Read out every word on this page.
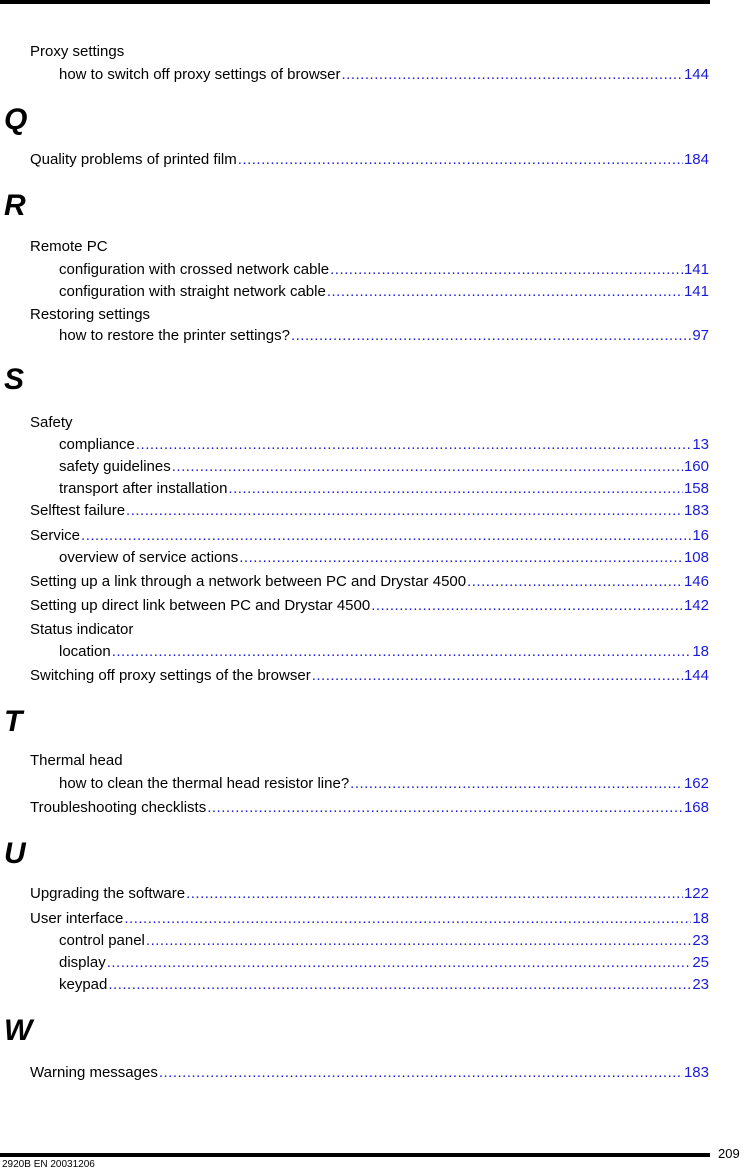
Proxy settings
how to switch off proxy settings of browser .....	144
Q
Quality problems of printed film .....	184
R
Remote PC
configuration with crossed network cable .....	141
configuration with straight network cable .....	141
Restoring settings
how to restore the printer settings? .....	97
S
Safety
compliance .....	13
safety guidelines .....	160
transport after installation .....	158
Selftest failure .....	183
Service .....	16
overview of service actions .....	108
Setting up a link through a network between PC and Drystar 4500 .....	146
Setting up direct link between PC and Drystar 4500 .....	142
Status indicator
location .....	18
Switching off proxy settings of the browser .....	144
T
Thermal head
how to clean the thermal head resistor line? .....	162
Troubleshooting checklists .....	168
U
Upgrading the software .....	122
User interface .....	18
control panel .....	23
display .....	25
keypad .....	23
W
Warning messages .....	183
209
2920B EN 20031206
